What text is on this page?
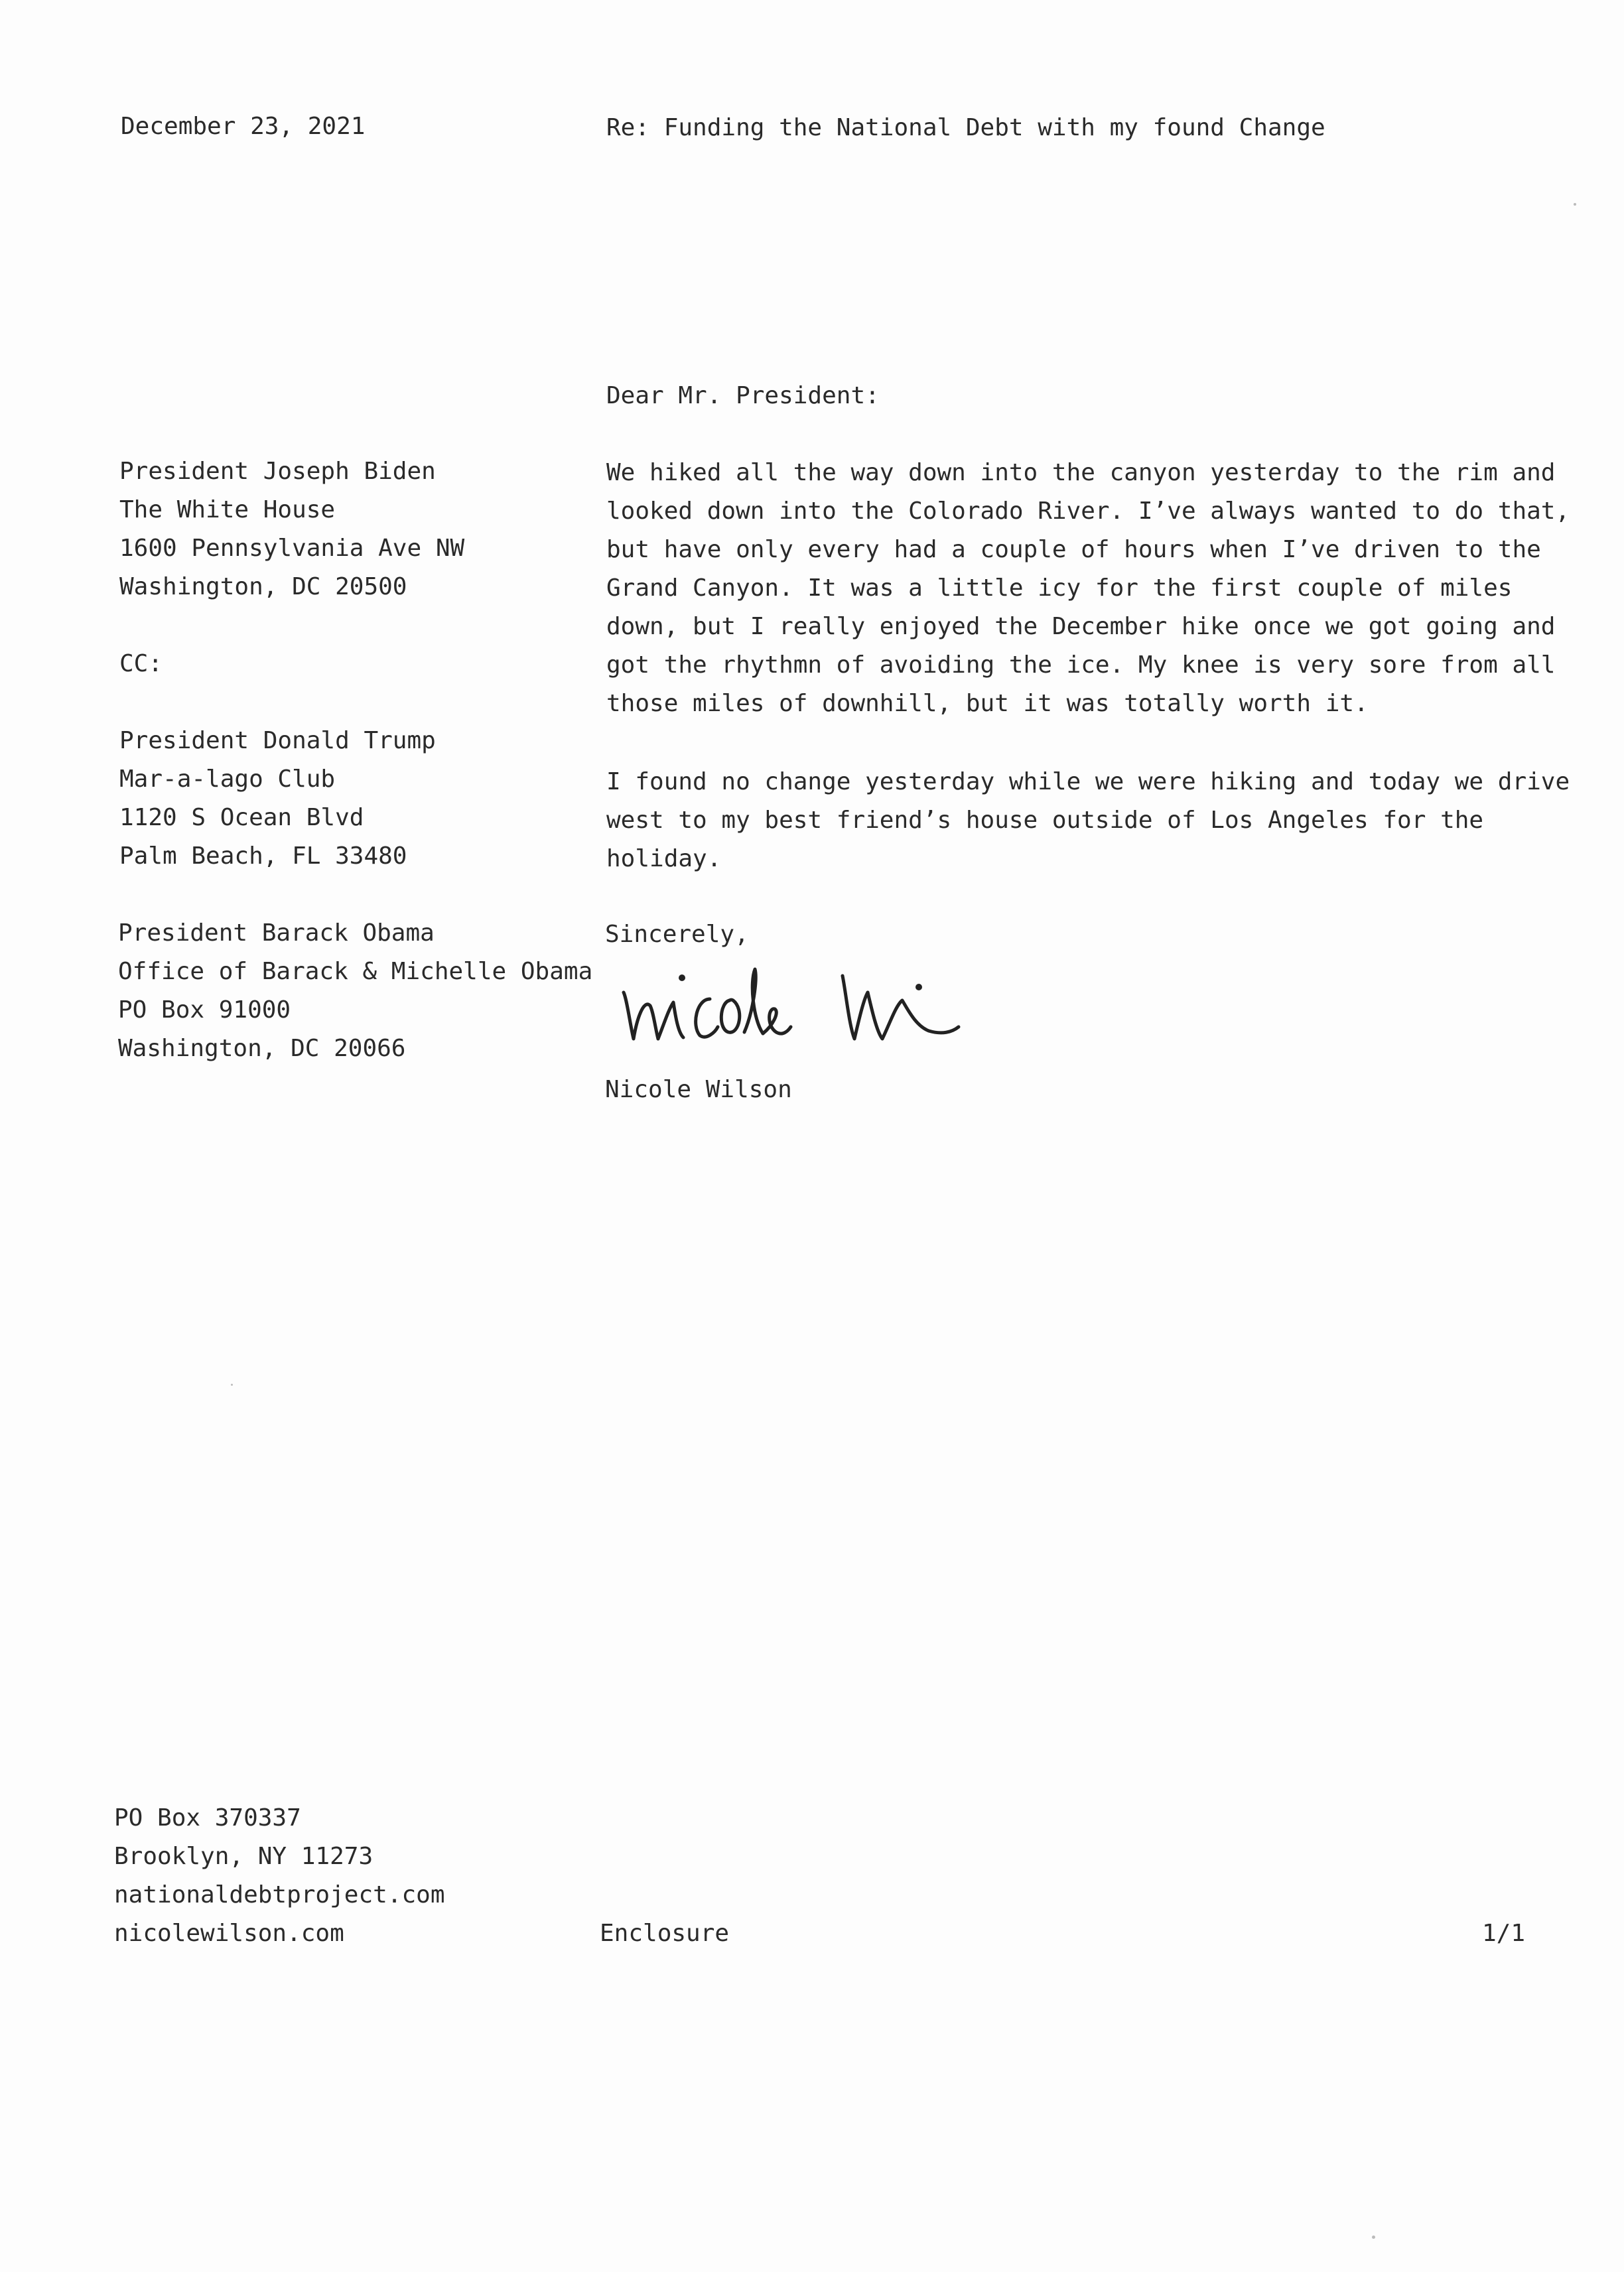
December 23, 2021	Re: Funding the National Debt with my found Change
Dear Mr. President:
President Joseph Biden
The White House
1600 Pennsylvania Ave NW
Washington, DC 20500
CC:
President Donald Trump
Mar-a-lago Club
1120 S Ocean Blvd
Palm Beach, FL 33480
President Barack Obama
Office of Barack & Michelle Obama
PO Box 91000
Washington, DC 20066
We hiked all the way down into the canyon yesterday to the rim and
looked down into the Colorado River. I’ve always wanted to do that,
but have only every had a couple of hours when I’ve driven to the
Grand Canyon. It was a little icy for the first couple of miles
down, but I really enjoyed the December hike once we got going and
got the rhythmn of avoiding the ice. My knee is very sore from all
those miles of downhill, but it was totally worth it.
I found no change yesterday while we were hiking and today we drive
west to my best friend’s house outside of Los Angeles for the
holiday.
Sincerely,
Nicole Wilson
PO Box 370337
Brooklyn, NY 11273
nationaldebtproject.com
nicolewilson.com	Enclosure	1/1
